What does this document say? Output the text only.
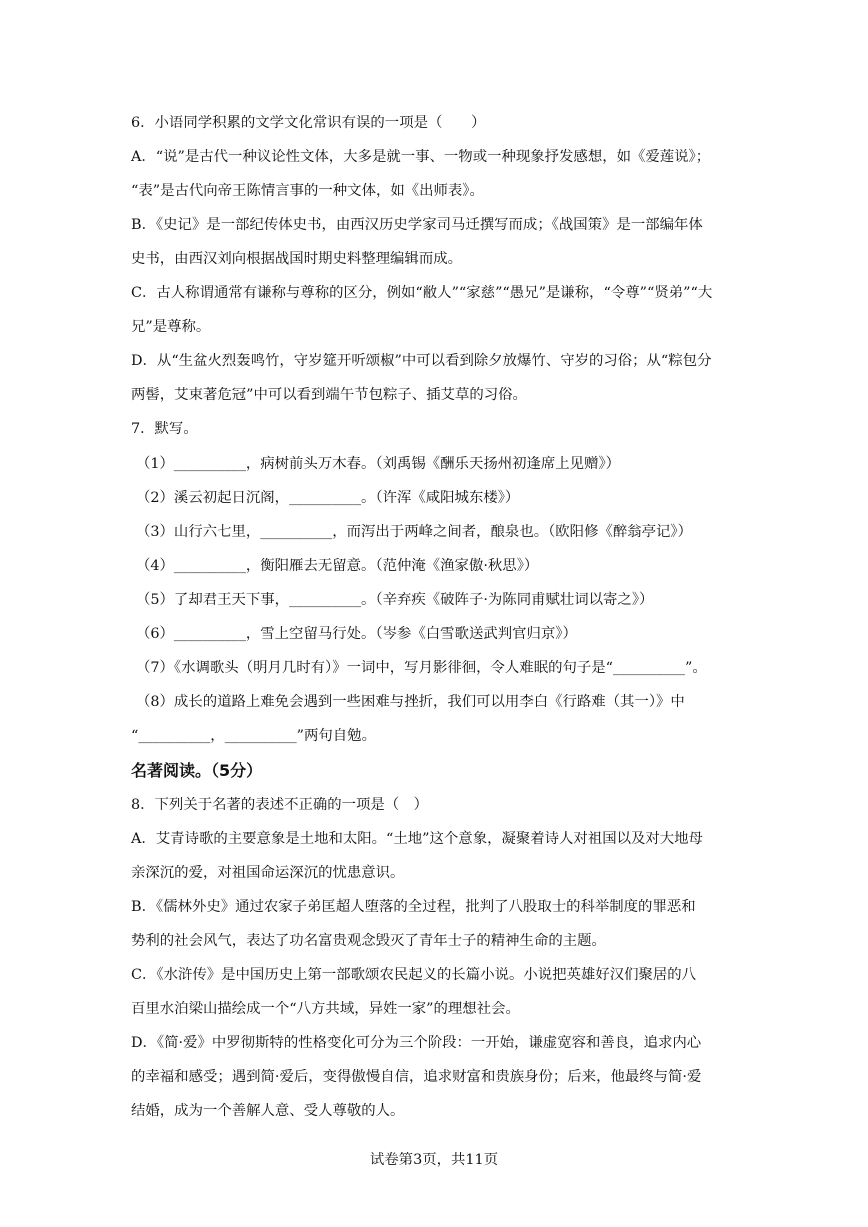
6．小语同学积累的文学文化常识有误的一项是（　　）
A．“说”是古代一种议论性文体，大多是就一事、一物或一种现象抒发感想，如《爱莲说》；
“表”是古代向帝王陈情言事的一种文体，如《出师表》。
B．《史记》是一部纪传体史书，由西汉历史学家司马迁撰写而成；《战国策》是一部编年体
史书，由西汉刘向根据战国时期史料整理编辑而成。
C．古人称谓通常有谦称与尊称的区分，例如“敝人”“家慈”“愚兄”是谦称，“令尊”“贤弟”“大
兄”是尊称。
D．从“生盆火烈轰鸣竹，守岁筵开听颂椒”中可以看到除夕放爆竹、守岁的习俗；从“粽包分
两髻，艾束著危冠”中可以看到端午节包粽子、插艾草的习俗。
7．默写。
（1）__________，病树前头万木春。（刘禹锡《酬乐天扬州初逢席上见赠》）
（2）溪云初起日沉阁，__________。（许浑《咸阳城东楼》）
（3）山行六七里，__________，而泻出于两峰之间者，酿泉也。（欧阳修《醉翁亭记》）
（4）__________，衡阳雁去无留意。（范仲淹《渔家傲·秋思》）
（5）了却君王天下事，__________。（辛弃疾《破阵子·为陈同甫赋壮词以寄之》）
（6）__________，雪上空留马行处。（岑参《白雪歌送武判官归京》）
（7）《水调歌头（明月几时有）》一词中，写月影徘徊，令人难眠的句子是“__________”。
（8）成长的道路上难免会遇到一些困难与挫折，我们可以用李白《行路难（其一）》中
“__________，__________”两句自勉。
名著阅读。（5分）
8．下列关于名著的表述不正确的一项是（　）
A．艾青诗歌的主要意象是土地和太阳。“土地”这个意象，凝聚着诗人对祖国以及对大地母
亲深沉的爱，对祖国命运深沉的忧患意识。
B．《儒林外史》通过农家子弟匡超人堕落的全过程，批判了八股取士的科举制度的罪恶和
势利的社会风气，表达了功名富贵观念毁灭了青年士子的精神生命的主题。
C．《水浒传》是中国历史上第一部歌颂农民起义的长篇小说。小说把英雄好汉们聚居的八
百里水泊梁山描绘成一个“八方共域，异姓一家”的理想社会。
D．《简·爱》中罗彻斯特的性格变化可分为三个阶段：一开始，谦虚宽容和善良，追求内心
的幸福和感受；遇到简·爱后，变得傲慢自信，追求财富和贵族身份；后来，他最终与简·爱
结婚，成为一个善解人意、受人尊敬的人。
试卷第3页，共11页
